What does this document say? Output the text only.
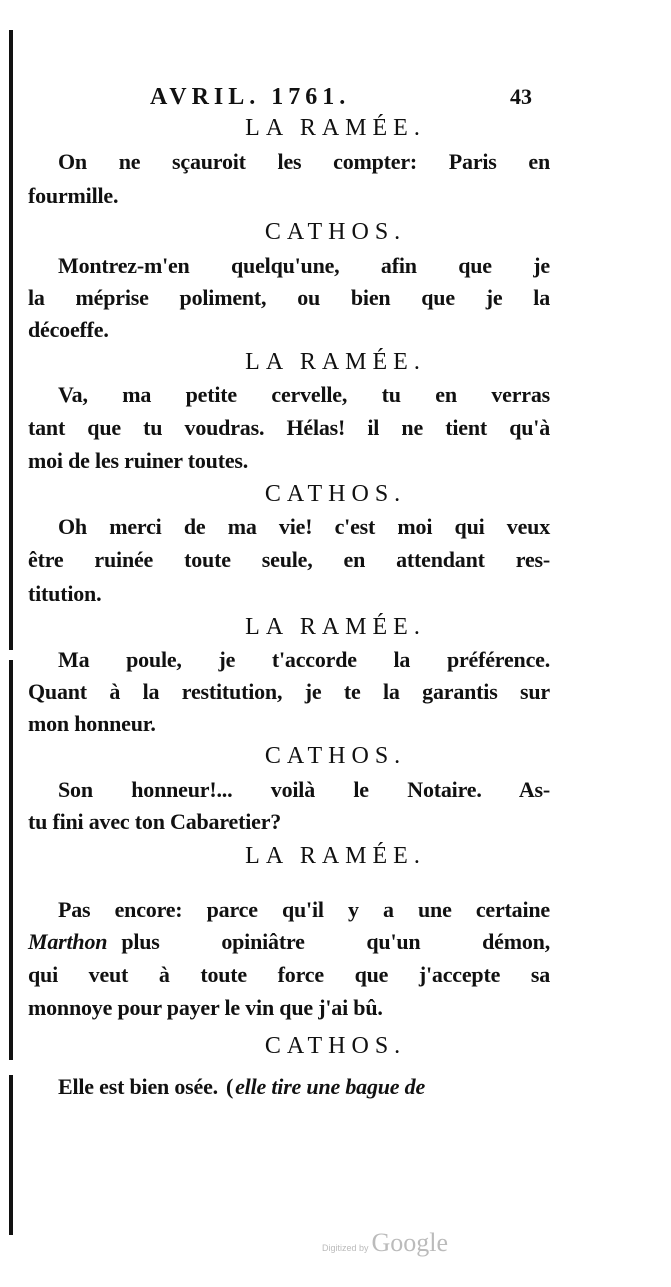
AVRIL. 1761.	43
LA RAMÉE.
On ne sçauroit les compter: Paris en
fourmille.
CATHOS.
Montrez-m'en quelqu'une, afin que je
la méprise poliment, ou bien que je la
décoeffe.
LA RAMÉE.
Va, ma petite cervelle, tu en verras
tant que tu voudras. Hélas! il ne tient qu'à
moi de les ruiner toutes.
CATHOS.
Oh merci de ma vie! c'est moi qui veux
être ruinée toute seule, en attendant res-
titution.
LA RAMÉE.
Ma poule, je t'accorde la préférence.
Quant à la restitution, je te la garantis sur
mon honneur.
CATHOS.
Son honneur!... voilà le Notaire. As-
tu fini avec ton Cabaretier?
LA RAMÉE.
Pas encore: parce qu'il y a une certaine
Marthon plus opiniâtre qu'un démon,
qui veut à toute force que j'accepte sa
monnoye pour payer le vin que j'ai bû.
CATHOS.
Elle est bien osée. ( elle tire une bague de
Digitized by Google
